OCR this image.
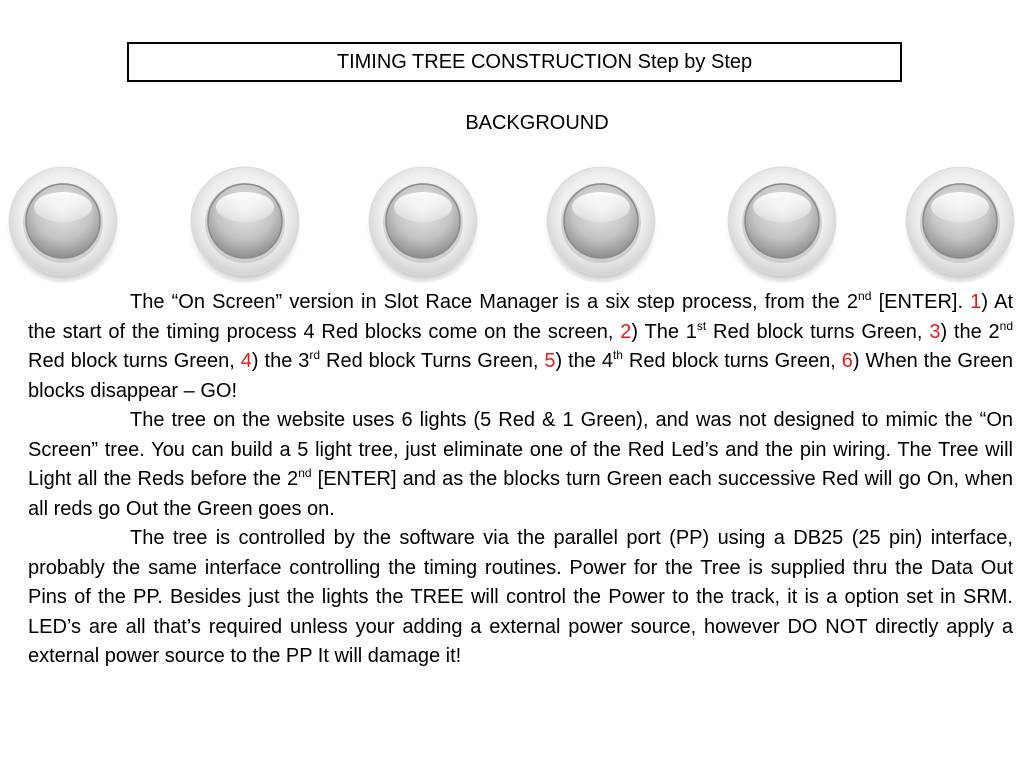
TIMING TREE CONSTRUCTION Step by Step
BACKGROUND

The “On Screen” version in Slot Race Manager is a six step process, from the 2nd [ENTER]. 1) At the start of the timing process 4 Red blocks come on the screen, 2) The 1st Red block turns Green, 3) the 2nd Red block turns Green, 4) the 3rd Red block Turns Green, 5) the 4th Red block turns Green, 6) When the Green blocks disappear – GO!

The tree on the website uses 6 lights (5 Red & 1 Green), and was not designed to mimic the “On Screen” tree. You can build a 5 light tree, just eliminate one of the Red Led’s and the pin wiring. The Tree will Light all the Reds before the 2nd [ENTER] and as the blocks turn Green each successive Red will go On, when all reds go Out the Green goes on.

The tree is controlled by the software via the parallel port (PP) using a DB25 (25 pin) interface, probably the same interface controlling the timing routines. Power for the Tree is supplied thru the Data Out Pins of the PP. Besides just the lights the TREE will control the Power to the track, it is a option set in SRM. LED’s are all that’s required unless your adding a external power source, however DO NOT directly apply a external power source to the PP It will damage it!
